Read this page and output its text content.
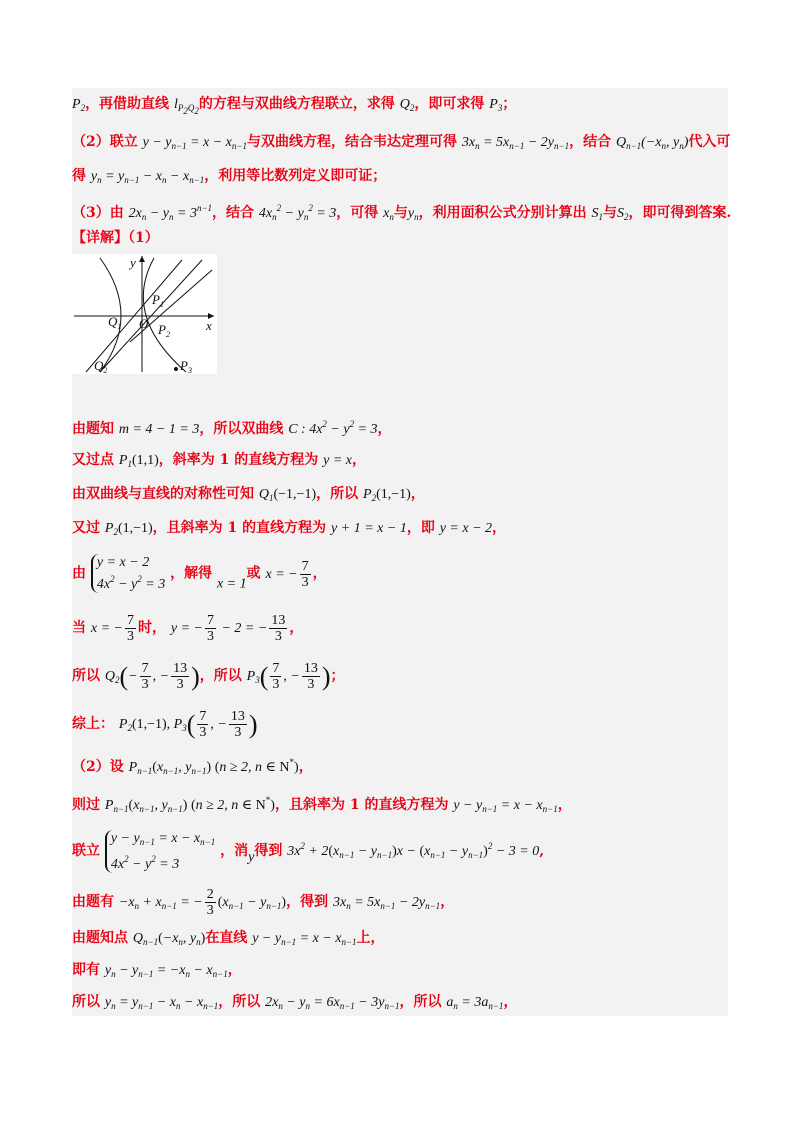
$P_2$，再借助直线 $l_{P_2Q_2}$的方程与双曲线方程联立，求得 $Q_2$，即可求得 $P_3$；
（2）联立 $y - y_{n-1} = x - x_{n-1}$与双曲线方程，结合韦达定理可得 $3x_n = 5x_{n-1} - 2y_{n-1}$，结合 $Q_{n-1}(-x_n$, $y_n$)代入可
得 $y_n = y_{n-1} - x_n - x_{n-1}$，利用等比数列定义即可证；
（3）由 $2x_n - y_n = 3^{n-1}$，结合 $4x_n^2 - y_n^2 = 3$，可得 $x_n$与$y_n$，利用面积公式分别计算出 $S_1$与$S_2$，即可得到答案.
【详解】（1）
y
x
O
$P_1$
$P_2$
$P_3$
$Q_1$
$Q_2$
由题知 m = 4 − 1 = 3，所以双曲线 C : $4x^2 - y^2 = 3$，
又过点 $P_1(1,1)$，斜率为 1 的直线方程为 y = x，
由双曲线与直线的对称性可知 $Q_1(-1,-1)$，所以 $P_2(1,-1)$，
又过 $P_2(1,-1)$，且斜率为 1 的直线方程为 y + 1 = x − 1，即 y = x − 2，
由
y = x − 2
$4x^2 - y^2 = 3$
，解得 x = 1或 x = − $\frac{7}{3}$ ，
当 x = − $\frac{7}{3}$ 时， y = − $\frac{7}{3} - 2$ = − $\frac{13}{3}$ ，
所以 $Q_2(- \frac{7}{3}$ , − $\frac{13}{3}$ )，所以 $P_3( \frac{7}{3}$ , − $\frac{13}{3}$ )；
综上： $P_2(1,-1)$, $P_3( \frac{7}{3}$ , − $\frac{13}{3}$ )
（2）设 $P_{n-1}(x_{n-1}$, $y_{n-1}$) (n ≥ 2, n ∈ N*)，
则过 $P_{n-1}(x_{n-1}$, $y_{n-1}$) (n ≥ 2, n ∈ N*)，且斜率为 1 的直线方程为 $y - y_{n-1} = x - x_{n-1}$，
联立
$y - y_{n-1} = x - x_{n-1}$
$4x^2 - y^2 = 3$
，消y得到 $3x^2 + 2(x_{n-1} - y_{n-1})x - (x_{n-1} - y_{n-1})^2 - 3 = 0$,
由题有 $-x_n + x_{n-1}$ = − $\frac{2}{3} (x_{n-1} - y_{n-1})$，得到 $3x_n = 5x_{n-1} - 2y_{n-1}$，
由题知点 $Q_{n-1}(-x_n$, $y_n$)在直线 $y - y_{n-1} = x - x_{n-1}$上，
即有 $y_n - y_{n-1} = -x_n - x_{n-1}$，
所以 $y_n = y_{n-1} - x_n - x_{n-1}$，所以 $2x_n - y_n = 6x_{n-1} - 3y_{n-1}$，所以 $a_n = 3a_{n-1}$，
